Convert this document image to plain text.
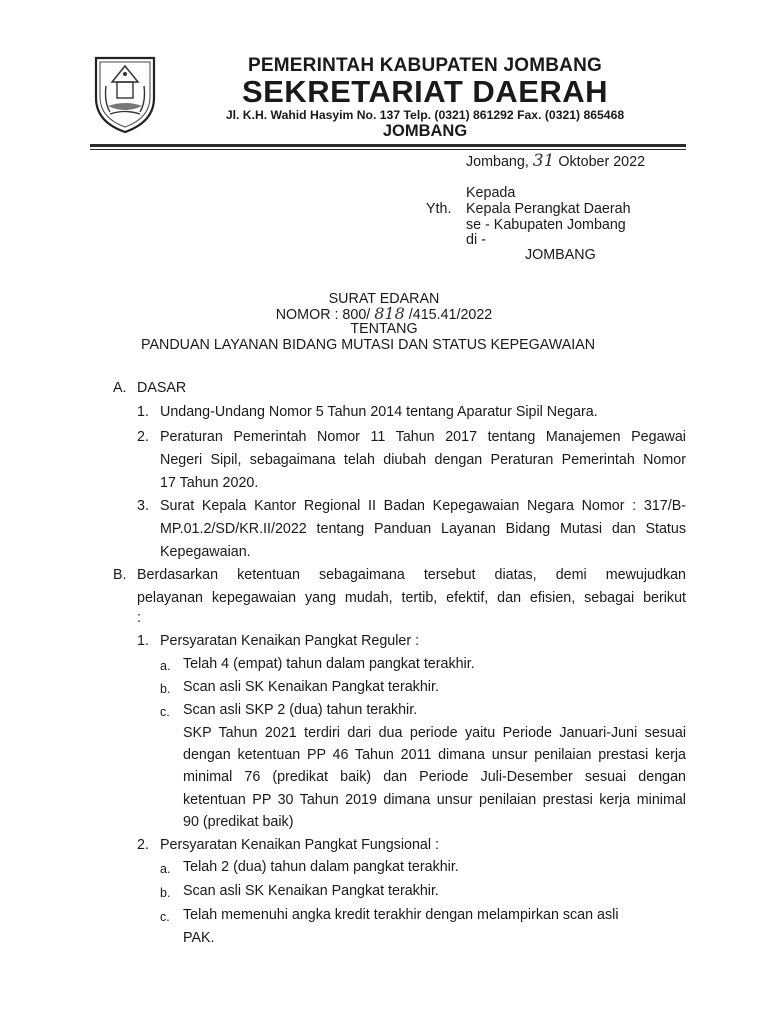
PEMERINTAH KABUPATEN JOMBANG
SEKRETARIAT DAERAH
Jl. K.H. Wahid Hasyim No. 137 Telp. (0321) 861292 Fax. (0321) 865468
JOMBANG
Jombang, 31 Oktober 2022
Kepada
Yth. Kepala Perangkat Daerah
se - Kabupaten Jombang
di -
JOMBANG
SURAT EDARAN
NOMOR : 800/ 818 /415.41/2022
TENTANG
PANDUAN LAYANAN BIDANG MUTASI DAN STATUS KEPEGAWAIAN
A. DASAR
1. Undang-Undang Nomor 5 Tahun 2014 tentang Aparatur Sipil Negara.
2. Peraturan Pemerintah Nomor 11 Tahun 2017 tentang Manajemen Pegawai
Negeri Sipil, sebagaimana telah diubah dengan Peraturan Pemerintah Nomor
17 Tahun 2020.
3. Surat Kepala Kantor Regional II Badan Kepegawaian Negara Nomor : 317/B-
MP.01.2/SD/KR.II/2022 tentang Panduan Layanan Bidang Mutasi dan Status
Kepegawaian.
B. Berdasarkan ketentuan sebagaimana tersebut diatas, demi mewujudkan
pelayanan kepegawaian yang mudah, tertib, efektif, dan efisien, sebagai berikut
:
1. Persyaratan Kenaikan Pangkat Reguler :
a. Telah 4 (empat) tahun dalam pangkat terakhir.
b. Scan asli SK Kenaikan Pangkat terakhir.
c. Scan asli SKP 2 (dua) tahun terakhir.
SKP Tahun 2021 terdiri dari dua periode yaitu Periode Januari-Juni sesuai
dengan ketentuan PP 46 Tahun 2011 dimana unsur penilaian prestasi kerja
minimal 76 (predikat baik) dan Periode Juli-Desember sesuai dengan
ketentuan PP 30 Tahun 2019 dimana unsur penilaian prestasi kerja minimal
90 (predikat baik)
2. Persyaratan Kenaikan Pangkat Fungsional :
a. Telah 2 (dua) tahun dalam pangkat terakhir.
b. Scan asli SK Kenaikan Pangkat terakhir.
c. Telah memenuhi angka kredit terakhir dengan melampirkan scan asli
PAK.
